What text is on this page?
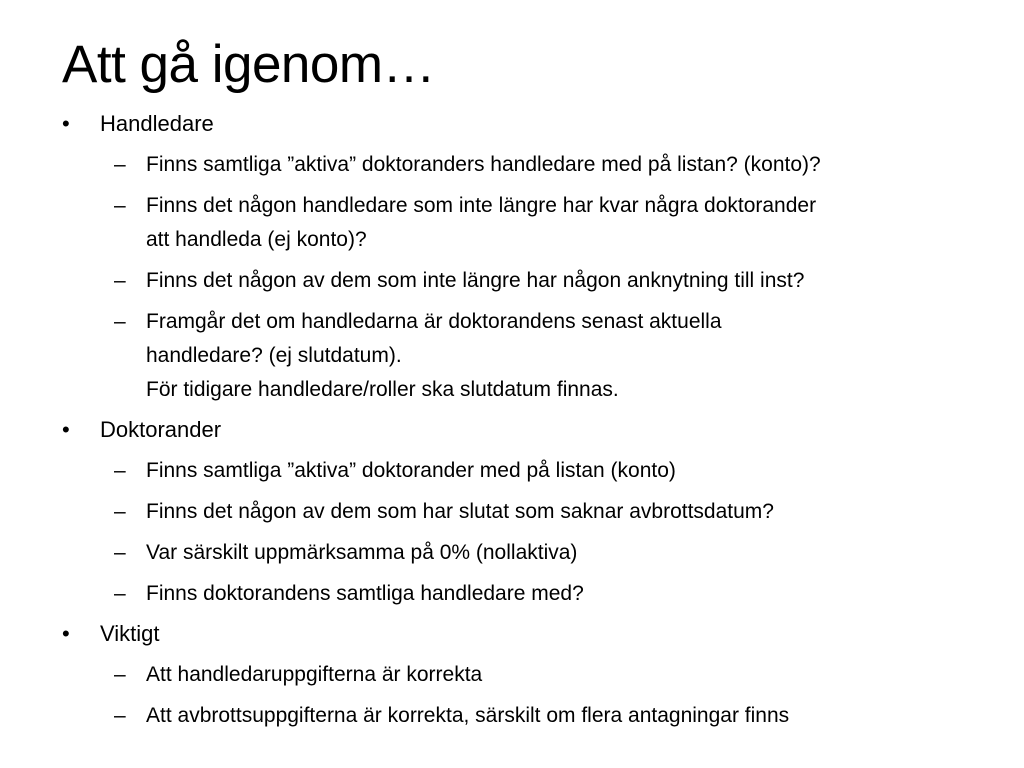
Att gå igenom…
• Handledare
– Finns samtliga ”aktiva” doktoranders handledare med på listan? (konto)?
– Finns det någon handledare som inte längre har kvar några doktorander
att handleda (ej konto)?
– Finns det någon av dem som inte längre har någon anknytning till inst?
– Framgår det om handledarna är doktorandens senast aktuella
handledare? (ej slutdatum).
För tidigare handledare/roller ska slutdatum finnas.
• Doktorander
– Finns samtliga ”aktiva” doktorander med på listan (konto)
– Finns det någon av dem som har slutat som saknar avbrottsdatum?
– Var särskilt uppmärksamma på 0% (nollaktiva)
– Finns doktorandens samtliga handledare med?
• Viktigt
– Att handledaruppgifterna är korrekta
– Att avbrottsuppgifterna är korrekta, särskilt om flera antagningar finns
